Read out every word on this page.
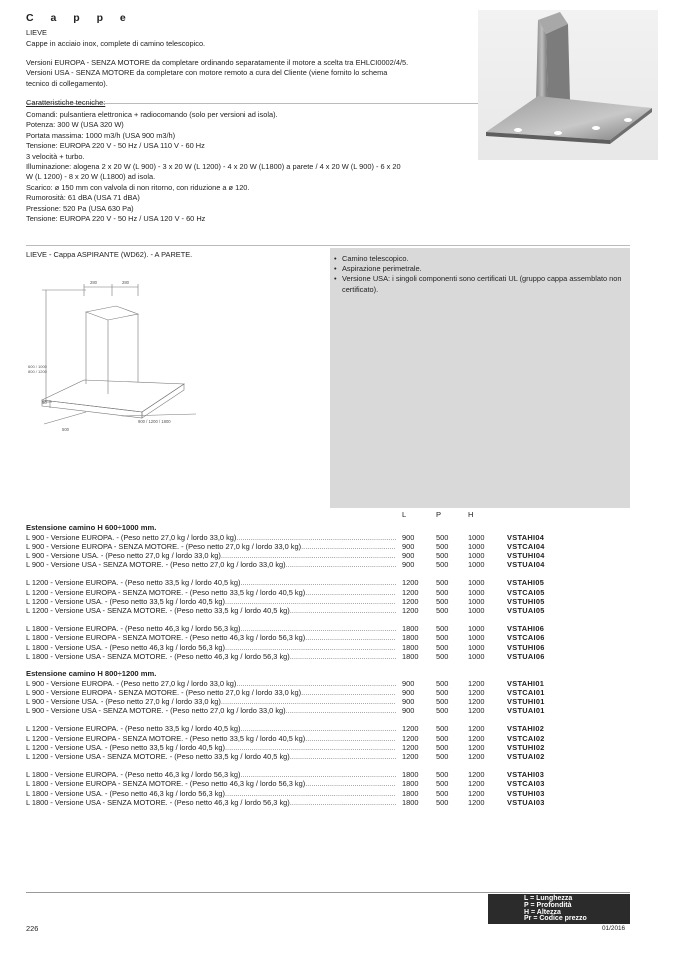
C a p p e
LIEVE
Cappe in acciaio inox, complete di camino telescopico.
Versioni EUROPA - SENZA MOTORE da completare ordinando separatamente il motore a scelta tra EHLCI0002/4/5.
Versioni USA - SENZA MOTORE da completare con motore remoto a cura del Cliente (viene fornito lo schema
tecnico di collegamento).
Caratteristiche tecniche:
Comandi: pulsantiera elettronica + radiocomando (solo per versioni ad isola).
Potenza: 300 W (USA 320 W)
Portata massima: 1000 m3/h (USA 900 m3/h)
Tensione: EUROPA 220 V - 50 Hz / USA 110 V - 60 Hz
3 velocità + turbo.
Illuminazione: alogena 2 x 20 W (L 900) - 3 x 20 W (L 1200) - 4 x 20 W (L1800) a parete / 4 x 20 W (L 900) - 6 x 20
W (L 1200) - 8 x 20 W (L1800) ad isola.
Scarico: ø 150 mm con valvola di non ritorno, con riduzione a ø 120.
Rumorosità: 61 dBA (USA 71 dBA)
Pressione: 520 Pa (USA 630 Pa)
Tensione: EUROPA 220 V - 50 Hz / USA 120 V - 60 Hz
LIEVE - Cappa ASPIRANTE (WD62). - A PARETE.
280	280
600 / 1000
800 / 1200
50
500
900 / 1200 / 1800
• Camino telescopico.
• Aspirazione perimetrale.
• Versione USA: i singoli componenti sono certificati UL (gruppo cappa assemblato non certificato).
L	P	H
Estensione camino H 600÷1000 mm.
L 900 - Versione EUROPA. - (Peso netto 27,0 kg / lordo 33,0 kg) .....	900	500	1000	VSTAHI04
L 900 - Versione EUROPA - SENZA MOTORE. - (Peso netto 27,0 kg / lordo 33,0 kg) .....	900	500	1000	VSTCAI04
L 900 - Versione USA. - (Peso netto 27,0 kg / lordo 33,0 kg) .....	900	500	1000	VSTUHI04
L 900 - Versione USA - SENZA MOTORE. - (Peso netto 27,0 kg / lordo 33,0 kg) .....	900	500	1000	VSTUAI04
L 1200 - Versione EUROPA. - (Peso netto 33,5 kg / lordo 40,5 kg) .....	1200 500	1000	VSTAHI05
L 1200 - Versione EUROPA - SENZA MOTORE. - (Peso netto 33,5 kg / lordo 40,5 kg) .....	1200 500	1000	VSTCAI05
L 1200 - Versione USA. - (Peso netto 33,5 kg / lordo 40,5 kg) .....	1200 500	1000	VSTUHI05
L 1200 - Versione USA - SENZA MOTORE. - (Peso netto 33,5 kg / lordo 40,5 kg) .....	1200 500	1000	VSTUAI05
L 1800 - Versione EUROPA. - (Peso netto 46,3 kg / lordo 56,3 kg) .....	1800 500	1000	VSTAHI06
L 1800 - Versione EUROPA - SENZA MOTORE. - (Peso netto 46,3 kg / lordo 56,3 kg) .....	1800 500	1000	VSTCAI06
L 1800 - Versione USA. - (Peso netto 46,3 kg / lordo 56,3 kg) .....	1800 500	1000	VSTUHI06
L 1800 - Versione USA - SENZA MOTORE. - (Peso netto 46,3 kg / lordo 56,3 kg) .....	1800 500	1000	VSTUAI06
Estensione camino H 800÷1200 mm.
L 900 - Versione EUROPA. - (Peso netto 27,0 kg / lordo 33,0 kg) .....	900	500	1200	VSTAHI01
L 900 - Versione EUROPA - SENZA MOTORE. - (Peso netto 27,0 kg / lordo 33,0 kg) .....	900	500	1200	VSTCAI01
L 900 - Versione USA. - (Peso netto 27,0 kg / lordo 33,0 kg) .....	900	500	1200	VSTUHI01
L 900 - Versione USA - SENZA MOTORE. - (Peso netto 27,0 kg / lordo 33,0 kg) .....	900	500	1200	VSTUAI01
L 1200 - Versione EUROPA. - (Peso netto 33,5 kg / lordo 40,5 kg) .....	1200 500	1200	VSTAHI02
L 1200 - Versione EUROPA - SENZA MOTORE. - (Peso netto 33,5 kg / lordo 40,5 kg) .....	1200 500	1200	VSTCAI02
L 1200 - Versione USA. - (Peso netto 33,5 kg / lordo 40,5 kg) .....	1200 500	1200	VSTUHI02
L 1200 - Versione USA - SENZA MOTORE. - (Peso netto 33,5 kg / lordo 40,5 kg) .....	1200 500	1200	VSTUAI02
L 1800 - Versione EUROPA. - (Peso netto 46,3 kg / lordo 56,3 kg) .....	1800 500	1200	VSTAHI03
L 1800 - Versione EUROPA - SENZA MOTORE. - (Peso netto 46,3 kg / lordo 56,3 kg) .....	1800 500	1200	VSTCAI03
L 1800 - Versione USA. - (Peso netto 46,3 kg / lordo 56,3 kg) .....	1800 500	1200	VSTUHI03
L 1800 - Versione USA - SENZA MOTORE. - (Peso netto 46,3 kg / lordo 56,3 kg) .....	1800 500	1200	VSTUAI03
L = Lunghezza
P = Profondità
H = Altezza
Pr = Codice prezzo
226	01/2016
